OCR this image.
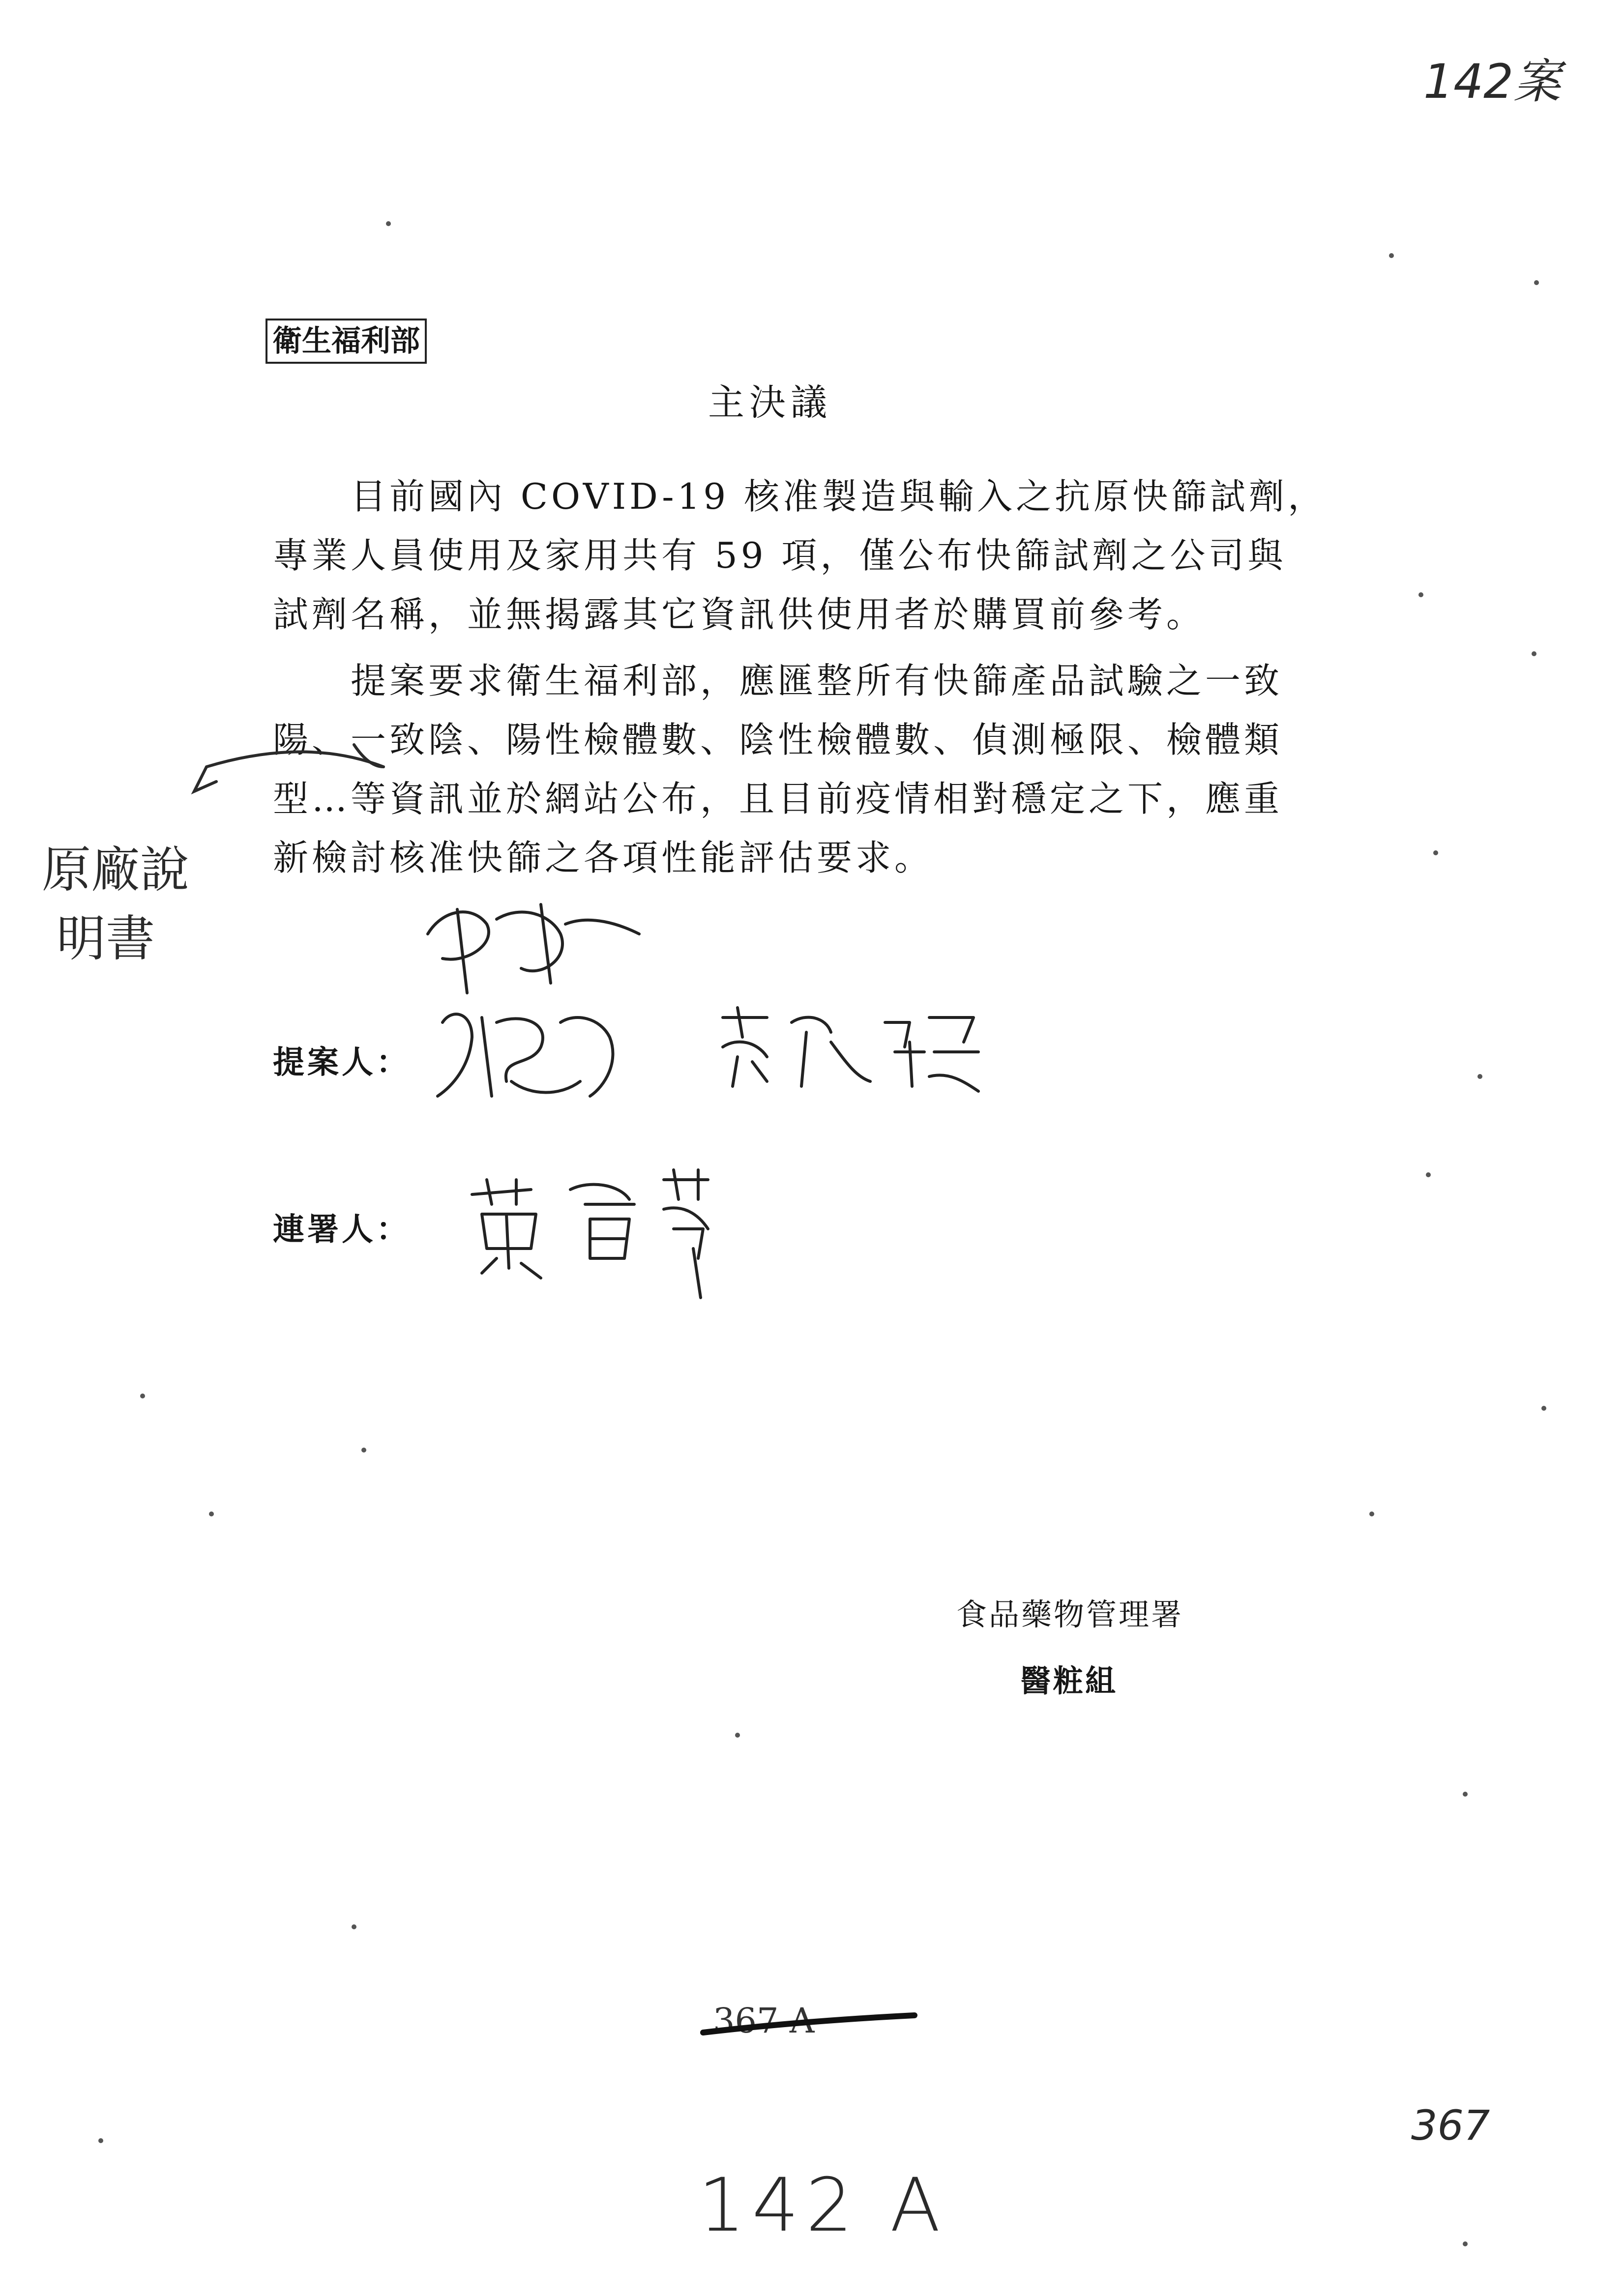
142案
衛生福利部
主決議
　　目前國內 COVID-19 核准製造與輸入之抗原快篩試劑，
專業人員使用及家用共有 59 項，僅公布快篩試劑之公司與
試劑名稱，並無揭露其它資訊供使用者於購買前參考。
　　提案要求衛生福利部，應匯整所有快篩產品試驗之一致
陽、一致陰、陽性檢體數、陰性檢體數、偵測極限、檢體類
型…等資訊並於網站公布，且目前疫情相對穩定之下，應重
新檢討核准快篩之各項性能評估要求。
原廠說
明書
提案人：
連署人：
食品藥物管理署
醫粧組
367
367 A
142 A
